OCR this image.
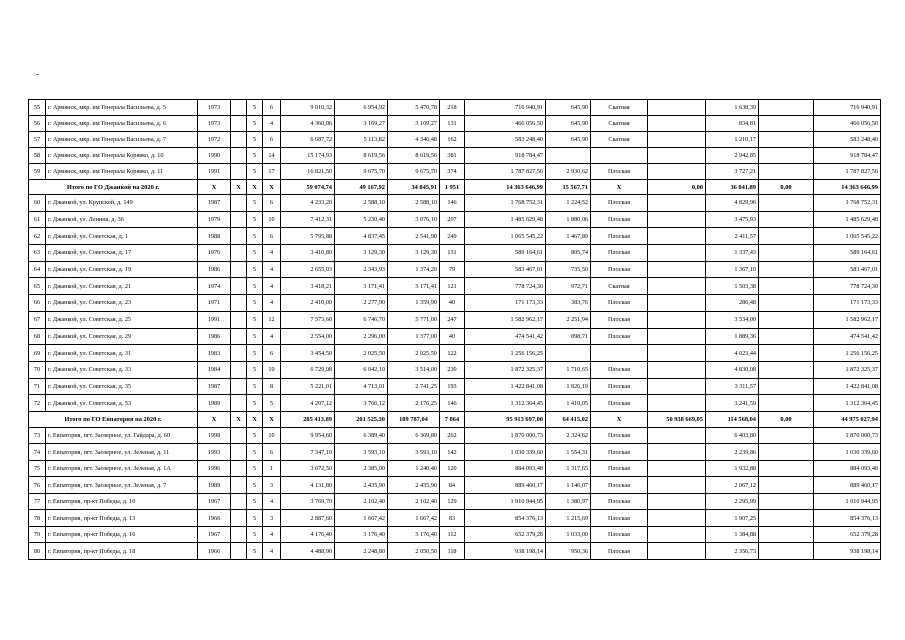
55	г. Армянск, мкр. им Генерала Васильева, д. 5	1973		5	6	9 010,32	6 954,92	5 470,78	218	716 940,91	645,90	Скатная		1 638,39		716 940,91
56	г. Армянск, мкр. им Генерала Васильева, д. 6	1973		5	4	4 360,06	3 169,27	3 169,27	131	466 056,50	645,90	Скатная		834,81		466 056,50
57	г. Армянск, мкр. им Генерала Васильева, д. 7	1972		5	6	6 687,72	5 113,82	4 346,48	162	583 248,40	645,90	Скатная		1 210,17		583 248,40
58	г. Армянск, мкр. им Генерала Корявко, д. 10	1990		5	14	15 174,93	8 619,56	8 619,56	381	918 784,47				2 942,85		918 784,47
59	г. Армянск, мкр. им Генерала Корявко, д. 11	1991		5	17	16 821,50	9 675,70	9 675,70	374	1 787 827,56	2 930,62	Плоская		3 727,21		1 787 827,56
Итого по ГО Джанкой на 2020 г.		X	X	X	X	59 074,74	49 167,92	34 845,91	1 951	14 363 646,99	15 567,71	X	0,00	36 041,89	0,00	14 363 646,99
60	г. Джанкой, ул. Крупской, д. 149	1987		5	6	4 233,20	2 588,10	2 588,10	146	1 768 752,31	1 224,52	Плоская		4 829,96		1 768 752,31
61	г. Джанкой, ул. Ленина, д. 36	1979		5	10	7 412,31	5 230,40	3 076,10	207	1 485 629,48	1 880,06	Плоская		3 475,93		1 485 629,48
62	г. Джанкой, ул. Советская, д. 1	1988		5	6	5 795,88	4 837,45	2 541,90	249	1 065 545,22	1 467,89	Плоская		2 411,57		1 065 545,22
63	г. Джанкой, ул. Советская, д. 17	1976		5	4	3 410,80	3 129,30	3 129,30	131	589 164,61	805,74	Плоская		1 337,43		589 164,61
64	г. Джанкой, ул. Советская, д. 19	1986		5	4	2 655,03	2 343,93	1 374,20	79	583 467,01	735,50	Плоская		1 367,10		583 467,01
65	г. Джанкой, ул. Советская, д. 21	1974		5	4	3 418,21	3 171,41	3 171,41	121	778 724,30	972,71	Скатная		1 503,38		778 724,30
66	г. Джанкой, ул. Советская, д. 23	1971		5	4	2 410,00	2 277,90	1 359,90	40	171 173,33	383,76	Плоская		286,48		171 173,33
67	г. Джанкой, ул. Советская, д. 25	1991		5	12	7 573,60	6 746,70	5 771,00	247	1 582 962,17	2 251,94	Плоская		3 534,00		1 582 962,17
68	г. Джанкой, ул. Советская, д. 29	1986		5	4	2 554,00	2 296,00	1 377,00	40	474 541,42	898,71	Плоская		1 889,36		474 541,42
69	г. Джанкой, ул. Советская, д. 31	1983		5	6	3 454,50	2 025,50	2 025,50	122	1 256 156,25				4 023,44		1 256 156,25
70	г. Джанкой, ул. Советская, д. 33	1984		5	10	6 729,08	6 042,10	3 514,00	230	1 872 325,37	1 710,65	Плоская		4 830,08		1 872 325,37
71	г. Джанкой, ул. Советская, д. 35	1987		5	8	5 221,01	4 713,01	2 741,25	193	1 422 841,08	1 826,19	Плоская		3 311,57		1 422 841,08
72	г. Джанкой, ул. Советская, д. 53	1989		5	5	4 207,12	3 766,12	2 176,25	146	1 312 364,45	1 410,05	Плоская		3 241,59		1 312 364,45
Итого по ГО Евпатория на 2020 г.		X	X	X	X	285 413,89	201 525,30	189 787,04	7 864	95 913 697,00	64 415,02	X	50 938 669,05	114 568,04	0,00	44 975 027,94
73	г. Евпатория, пгт. Заозерное, ул. Гайдара, д. 60	1998		5	10	9 954,60	6 389,40	6 369,80	262	1 870 000,73	2 324,62	Плоская		6 403,80		1 870 000,73
74	г. Евпатория, пгт. Заозерное, ул. Зеленая, д. 11	1993		5	6	7 347,10	3 593,10	3 593,10	142	1 030 339,60	1 554,31	Плоская		2 239,86		1 030 339,60
75	г. Евпатория, пгт. Заозерное, ул. Зеленая, д. 1А	1996		5	1	3 672,50	2 385,00	1 240,40	120	884 093,48	1 317,65	Плоская		1 932,88		884 093,48
76	г. Евпатория, пгт. Заозерное, ул. Зеленая, д. 7	1989		5	3	4 131,80	2 435,90	2 435,90	84	889 460,17	1 146,07	Плоская		2 067,12		889 460,17
77	г. Евпатория, пр-кт Победы, д. 10	1967		5	4	3 769,70	2 102,40	2 102,40	129	1 010 944,95	1 380,97	Плоская		2 295,99		1 010 944,95
78	г. Евпатория, пр-кт Победы, д. 13	1966		5	3	2 887,60	1 667,42	1 667,42	83	854 376,13	1 215,69	Плоская		1 907,25		854 376,13
79	г. Евпатория, пр-кт Победы, д. 16	1967		5	4	4 176,40	3 176,40	3 176,40	112	652 379,28	1 033,00	Плоская		1 384,88		652 379,28
80	г. Евпатория, пр-кт Победы, д. 18	1966		5	4	4 488,90	2 248,80	2 050,50	118	938 198,14	950,36	Плоская		2 356,73		938 198,14
